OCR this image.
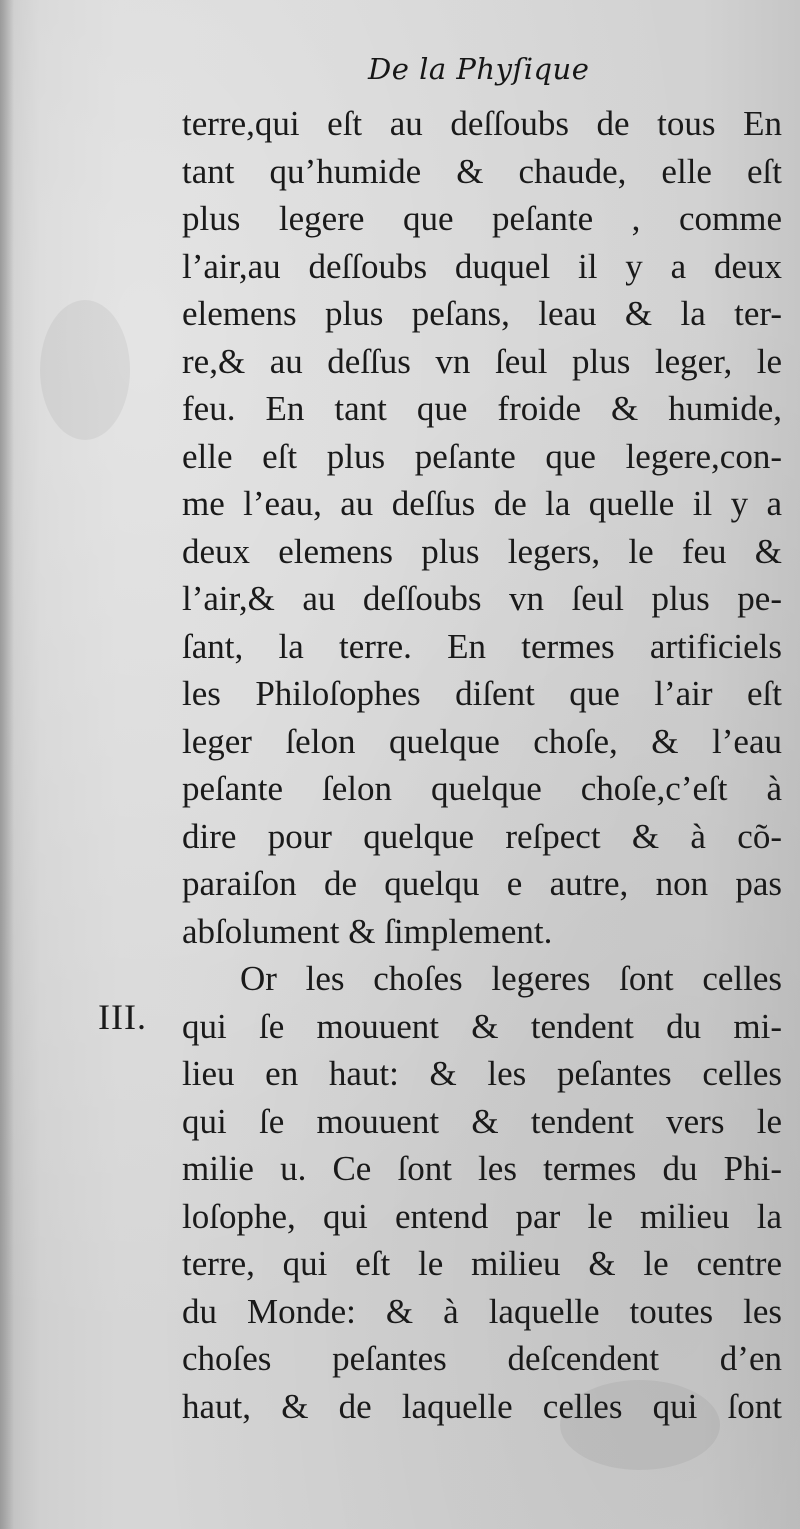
De la Phyſique
III.
terre,qui eſt au deſſoubs de tous En
tant qu’humide & chaude, elle eſt
plus legere que peſante , comme
l’air,au deſſoubs duquel il y a deux
elemens plus peſans, leau & la ter-
re,& au deſſus vn ſeul plus leger, le
feu. En tant que froide & humide,
elle eſt plus peſante que legere,con-
me l’eau, au deſſus de la quelle il y a
deux elemens plus legers, le feu &
l’air,& au deſſoubs vn ſeul plus pe-
ſant, la terre. En termes artificiels
les Philoſophes diſent que l’air eſt
leger ſelon quelque choſe, & l’eau
peſante ſelon quelque choſe,c’eſt à
dire pour quelque reſpect & à cõ-
paraiſon de quelqu e autre, non pas
abſolument & ſimplement.
Or les choſes legeres ſont celles
qui ſe mouuent & tendent du mi-
lieu en haut: & les peſantes celles
qui ſe mouuent & tendent vers le
milie u. Ce ſont les termes du Phi-
loſophe, qui entend par le milieu la
terre, qui eſt le milieu & le centre
du Monde: & à laquelle toutes les
choſes peſantes deſcendent d’en
haut, & de laquelle celles qui ſont
